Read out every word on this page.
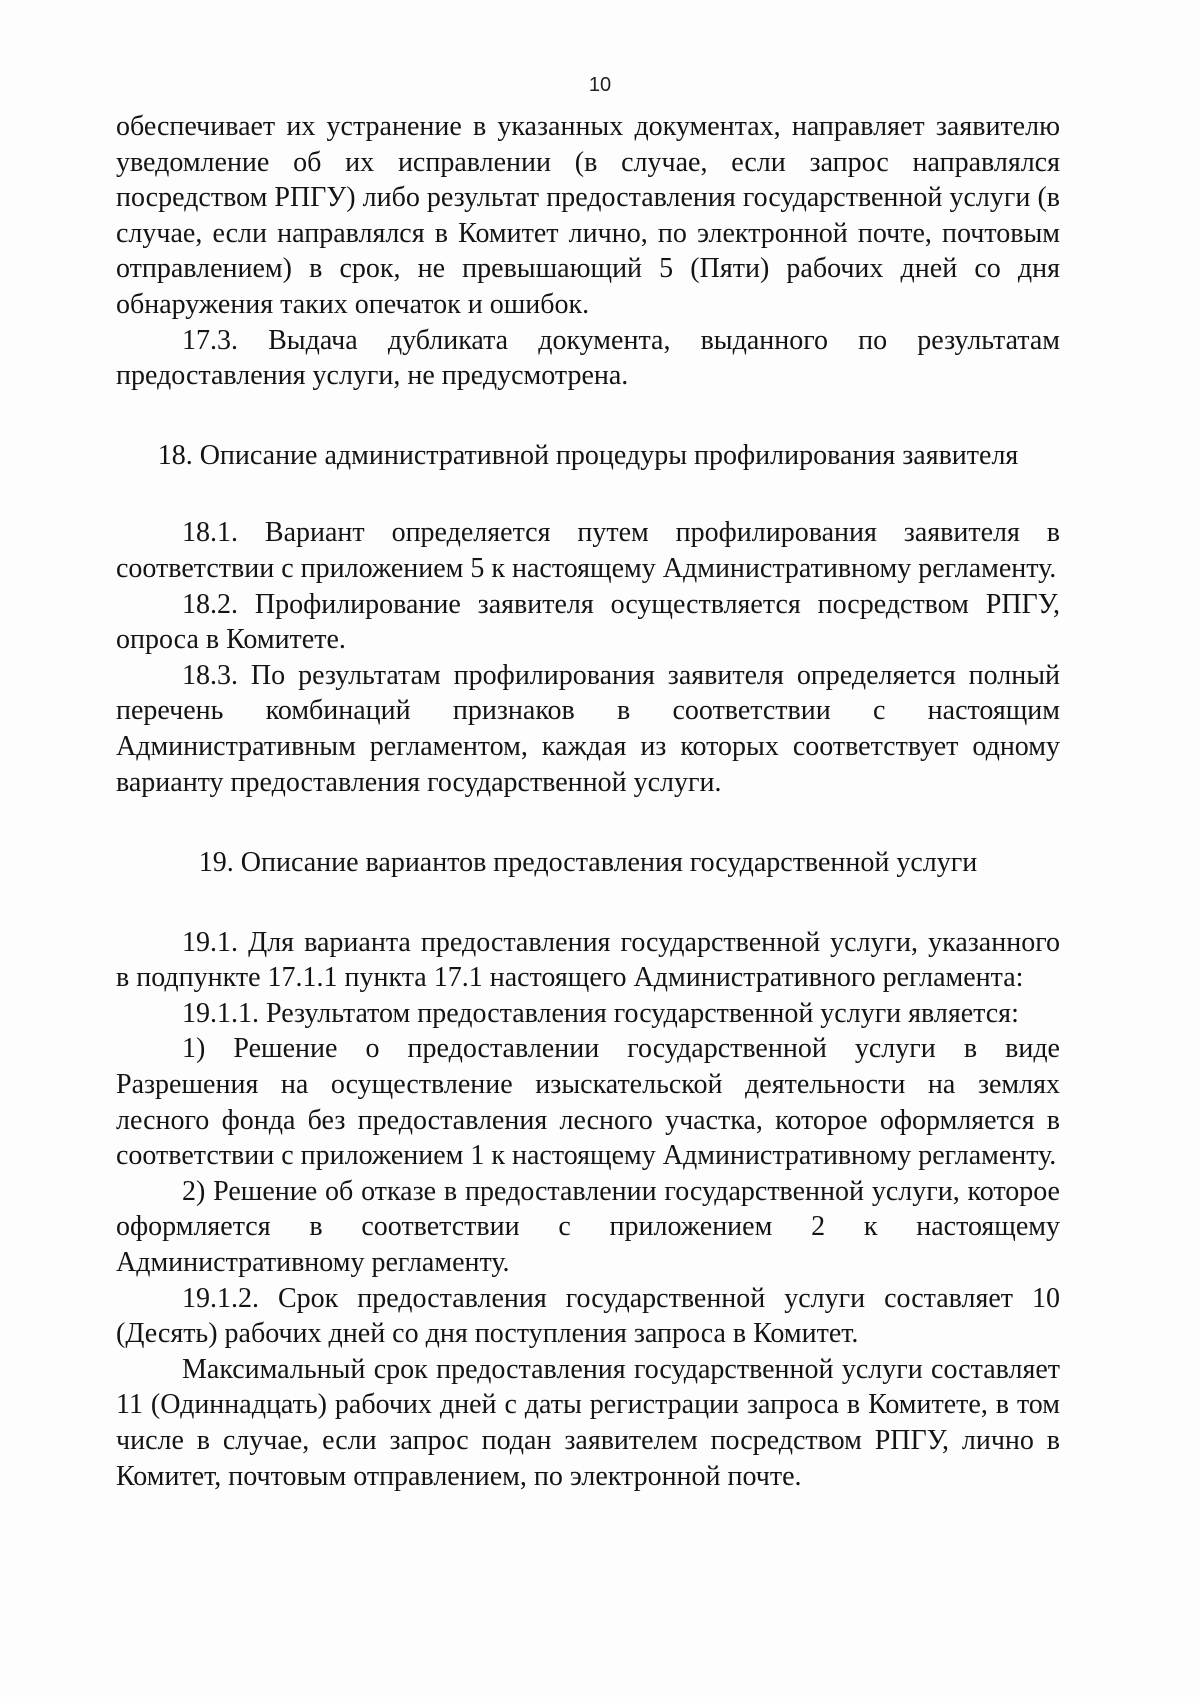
10

обеспечивает их устранение в указанных документах, направляет заявителю уведомление об их исправлении (в случае, если запрос направлялся посредством РПГУ) либо результат предоставления государственной услуги (в случае, если направлялся в Комитет лично, по электронной почте, почтовым отправлением) в срок, не превышающий 5 (Пяти) рабочих дней со дня обнаружения таких опечаток и ошибок.

17.3. Выдача дубликата документа, выданного по результатам предоставления услуги, не предусмотрена.

18. Описание административной процедуры профилирования заявителя

18.1. Вариант определяется путем профилирования заявителя в соответствии с приложением 5 к настоящему Административному регламенту.

18.2. Профилирование заявителя осуществляется посредством РПГУ, опроса в Комитете.

18.3. По результатам профилирования заявителя определяется полный перечень комбинаций признаков в соответствии с настоящим Административным регламентом, каждая из которых соответствует одному варианту предоставления государственной услуги.

19. Описание вариантов предоставления государственной услуги

19.1. Для варианта предоставления государственной услуги, указанного в подпункте 17.1.1 пункта 17.1 настоящего Административного регламента:

19.1.1. Результатом предоставления государственной услуги является:

1) Решение о предоставлении государственной услуги в виде Разрешения на осуществление изыскательской деятельности на землях лесного фонда без предоставления лесного участка, которое оформляется в соответствии с приложением 1 к настоящему Административному регламенту.

2) Решение об отказе в предоставлении государственной услуги, которое оформляется в соответствии с приложением 2 к настоящему Административному регламенту.

19.1.2. Срок предоставления государственной услуги составляет 10 (Десять) рабочих дней со дня поступления запроса в Комитет.

Максимальный срок предоставления государственной услуги составляет 11 (Одиннадцать) рабочих дней с даты регистрации запроса в Комитете, в том числе в случае, если запрос подан заявителем посредством РПГУ, лично в Комитет, почтовым отправлением, по электронной почте.
